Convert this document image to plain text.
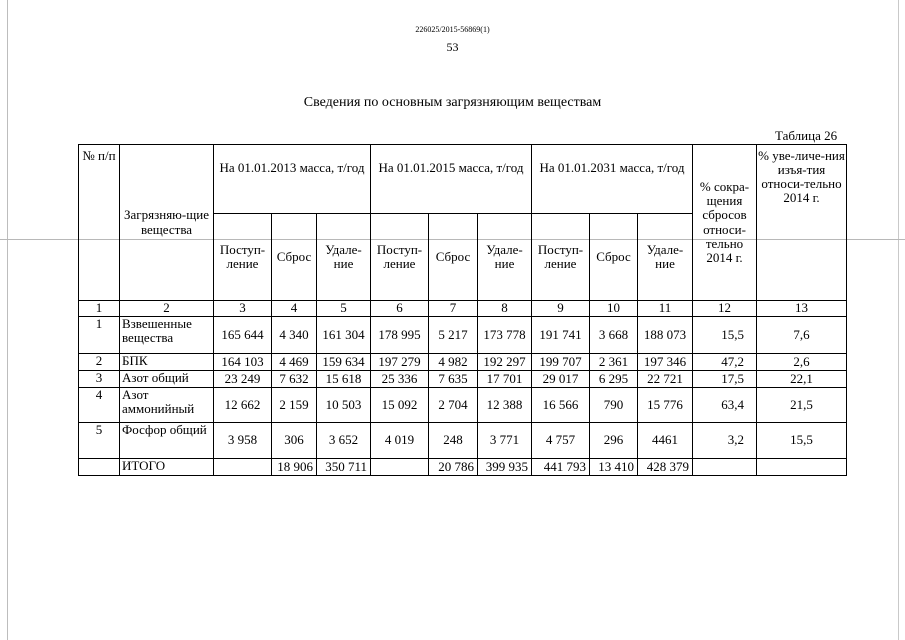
226025/2015-56869(1)
53
Сведения по основным загрязняющим веществам
Таблица 26
№ п/п	Загрязняю-щие вещества	На 01.01.2013 масса, т/год			На 01.01.2015 масса, т/год			На 01.01.2031 масса, т/год			% сокра-щения сбросов относи-тельно 2014 г.	% уве-личе-ния изъя-тия относи-тельно 2014 г.
		Поступ-ление	Сброс	Удале-ние	Поступ-ление	Сброс	Удале-ние	Поступ-ление	Сброс	Удале-ние		
1	2	3	4	5	6	7	8	9	10	11	12	13
1	Взвешенные вещества	165 644	4 340	161 304	178 995	5 217	173 778	191 741	3 668	188 073	15,5	7,6
2	БПК	164 103	4 469	159 634	197 279	4 982	192 297	199 707	2 361	197 346	47,2	2,6
3	Азот общий	23 249	7 632	15 618	25 336	7 635	17 701	29 017	6 295	22 721	17,5	22,1
4	Азот аммонийный	12 662	2 159	10 503	15 092	2 704	12 388	16 566	790	15 776	63,4	21,5
5	Фосфор общий	3 958	306	3 652	4 019	248	3 771	4 757	296	4461	3,2	15,5
	ИТОГО		18 906	350 711		20 786	399 935	441 793	13 410	428 379		
